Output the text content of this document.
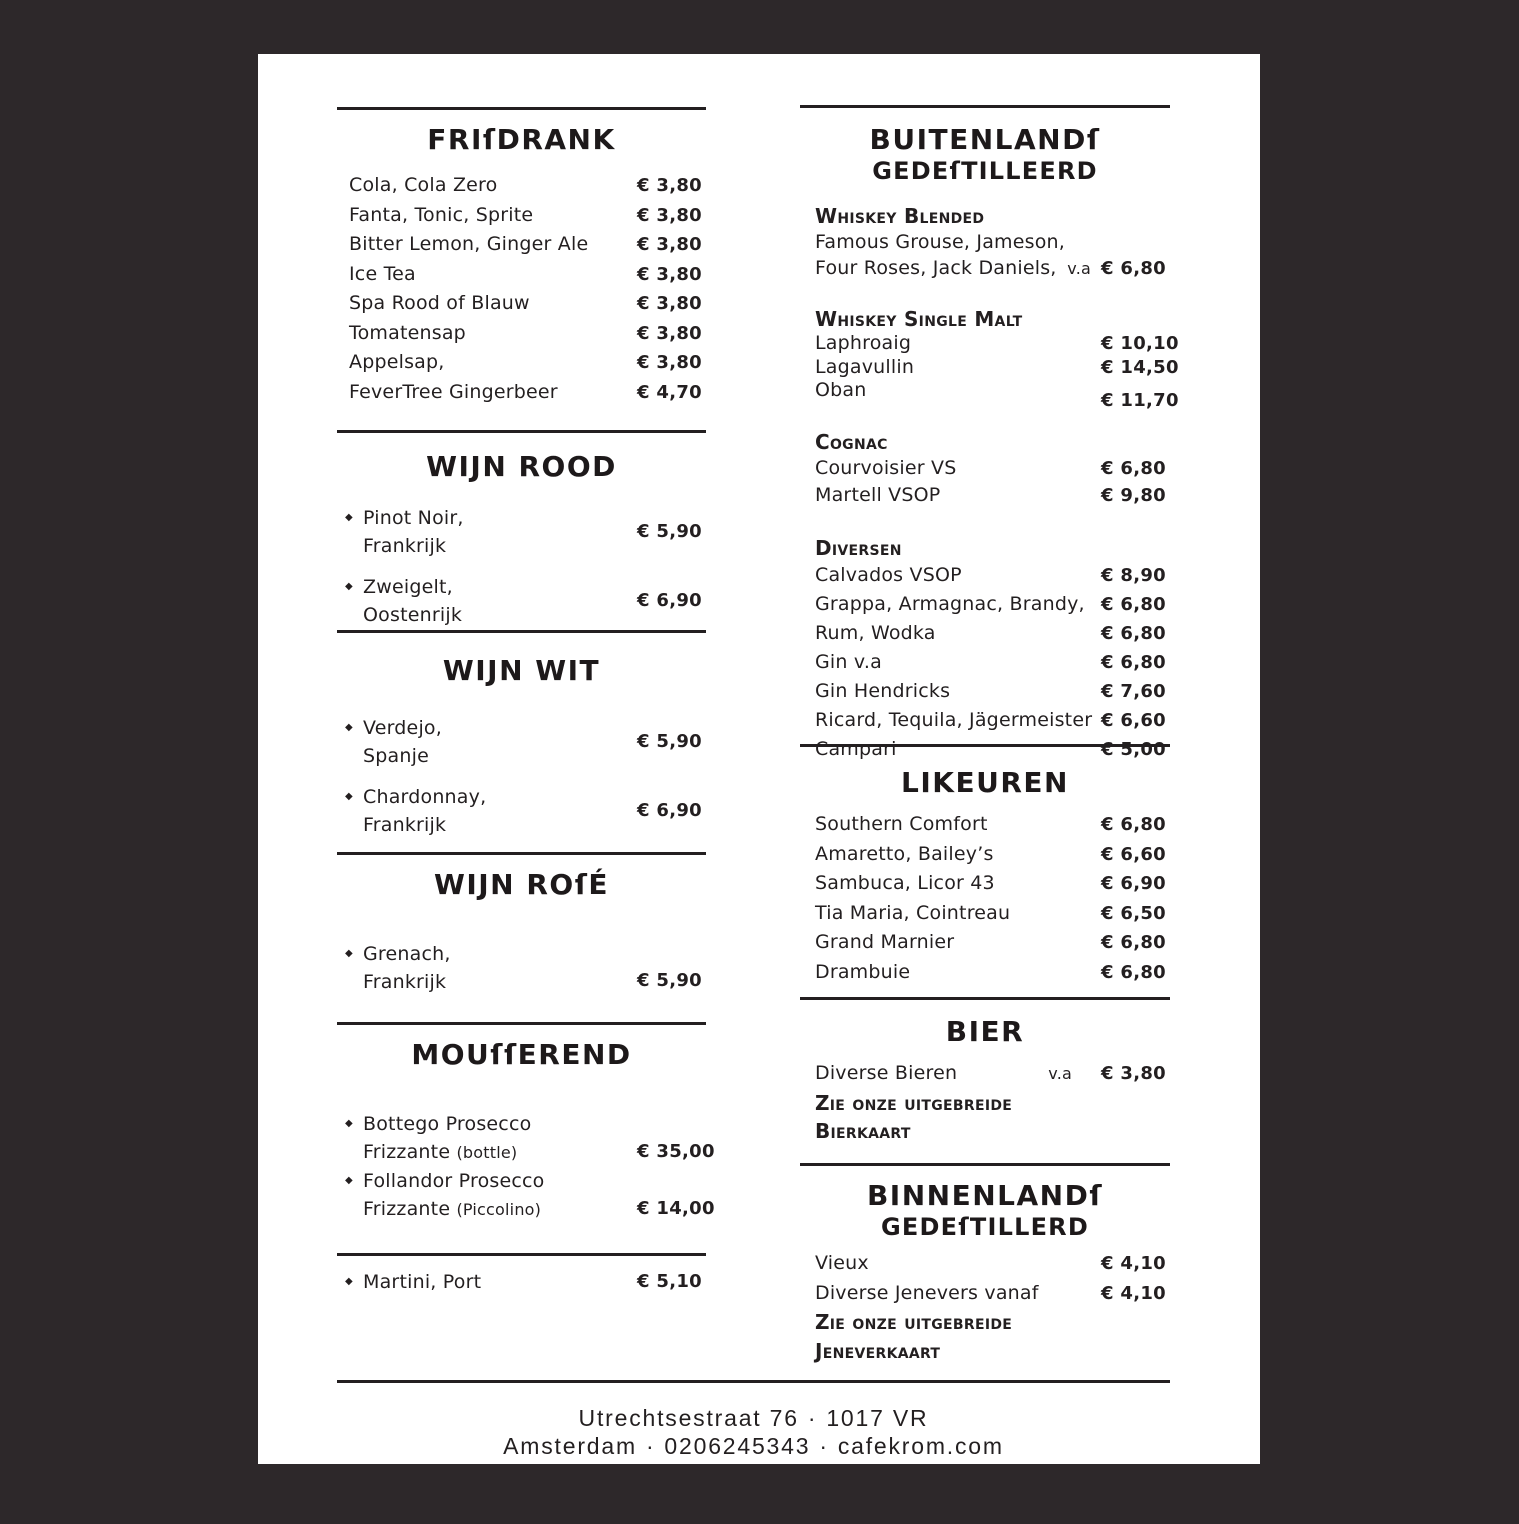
FRIſDRANK
Cola, Cola Zero	€ 3,80
Fanta, Tonic, Sprite	€ 3,80
Bitter Lemon, Ginger Ale	€ 3,80
Ice Tea	€ 3,80
Spa Rood of Blauw	€ 3,80
Tomatensap	€ 3,80
Appelsap,	€ 3,80
FeverTree Gingerbeer	€ 4,70
WIJN ROOD
◆ Pinot Noir,
Frankrijk
€ 5,90
◆ Zweigelt,
Oostenrijk
€ 6,90
WIJN WIT
◆ Verdejo,
Spanje
€ 5,90
◆ Chardonnay,
Frankrijk
€ 6,90
WIJN ROſÉ
◆ Grenach,
Frankrijk	€ 5,90
MOUſſEREND
◆ Bottego Prosecco
Frizzante (bottle)	€ 35,00
◆ Follandor Prosecco
Frizzante (Piccolino)	€ 14,00
◆ Martini, Port	€ 5,10
BUITENLANDſ
GEDEſTILLEERD
Whiskey Blended
Famous Grouse, Jameson,
Four Roses, Jack Daniels, v.a € 6,80
Whiskey Single Malt
Laphroaig	€ 10,10
Lagavullin	€ 14,50
Oban	€ 11,70
Cognac
Courvoisier VS	€ 6,80
Martell VSOP	€ 9,80
Diversen
Calvados VSOP	€ 8,90
Grappa, Armagnac, Brandy, € 6,80
Rum, Wodka	€ 6,80
Gin v.a	€ 6,80
Gin Hendricks	€ 7,60
Ricard, Tequila, Jägermeister € 6,60
Campari	€ 5,00
LIKEUREN
Southern Comfort	€ 6,80
Amaretto, Bailey’s	€ 6,60
Sambuca, Licor 43	€ 6,90
Tia Maria, Cointreau	€ 6,50
Grand Marnier	€ 6,80
Drambuie	€ 6,80
BIER
Diverse Bieren	v.a € 3,80
Zie onze uitgebreide
Bierkaart
BINNENLANDſ
GEDEſTILLERD
Vieux	€ 4,10
Diverse Jenevers vanaf	€ 4,10
Zie onze uitgebreide
Jeneverkaart
Utrechtsestraat 76 · 1017 VR Amsterdam · 0206245343 · cafekrom.com
